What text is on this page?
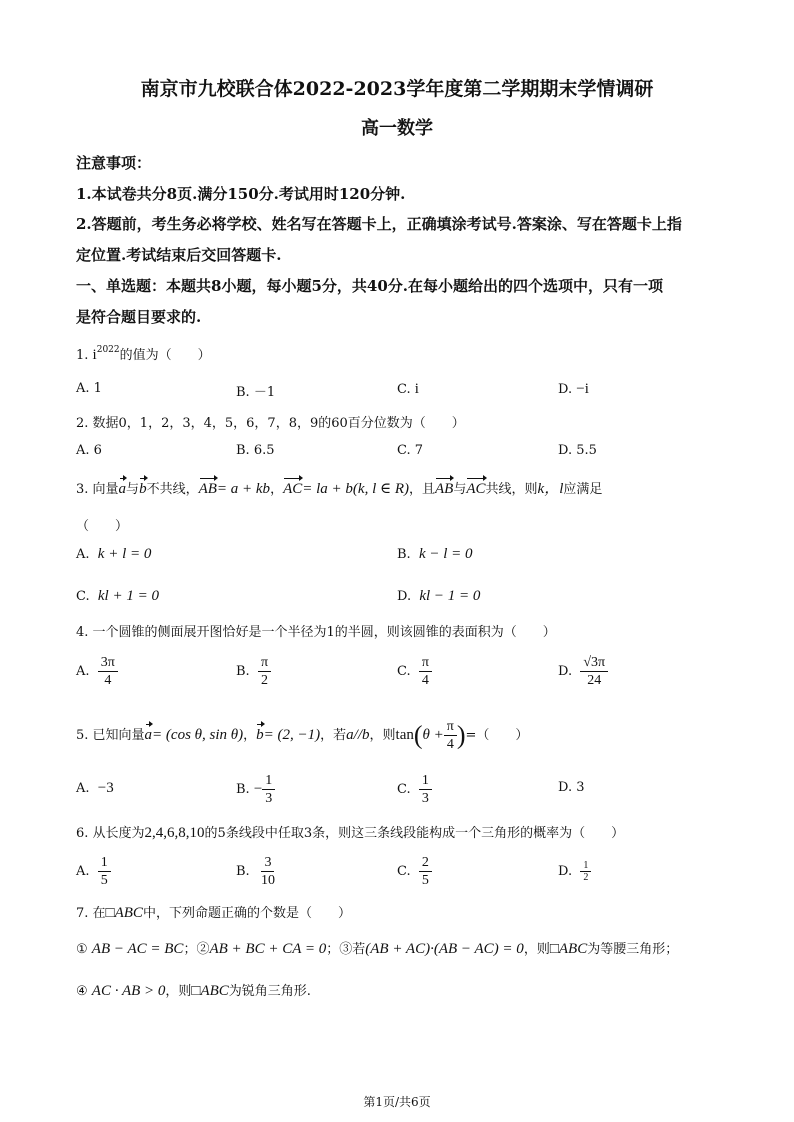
南京市九校联合体2022-2023学年度第二学期期末学情调研
高一数学
注意事项：
1.本试卷共分8页.满分150分.考试用时120分钟.
2.答题前，考生务必将学校、姓名写在答题卡上，正确填涂考试号.答案涂、写在答题卡上指
定位置.考试结束后交回答题卡.
一、单选题：本题共8小题，每小题5分，共40分.在每小题给出的四个选项中，只有一项
是符合题目要求的.
1. $i^{2022}$的值为（　　）
A. 1	B. －1	C. i	D. −i
2. 数据0，1，2，3，4，5，6，7，8，9的60百分位数为（　　）
A. 6	B. 6.5	C. 7	D. 5.5
3. 向量a与b不共线，AB= a + kb，AC= la + b(k, l ∈ R)，且AB与AC共线，则k，l应满足
（　　）
A. k + l = 0	B. k − l = 0
C. kl + 1 = 0	D. kl − 1 = 0
4. 一个圆锥的侧面展开图恰好是一个半径为1的半圆，则该圆锥的表面积为（　　）
A. $\frac{3\pi}{4}$	B. $\frac{\pi}{2}$	C. $\frac{\pi}{4}$	D. $\frac{√3\pi}{24}$
5. 已知向量a= (cos θ, sin θ)，b= (2, −1)，若a//b，则$\tan(\theta + \frac{\pi}{4}$ )=（　　）
A. −3	B. − $\frac{1}{3}$	C. $\frac{1}{3}$	D. 3
6. 从长度为2,4,6,8,10的5条线段中任取3条，则这三条线段能构成一个三角形的概率为（　　）
A. $\frac{1}{5}$	B. $\frac{3}{10}$	C. $\frac{2}{5}$	D. $\frac{1}{2}$
7. 在□ABC中，下列命题正确的个数是（　　）
① AB − AC = BC；②AB + BC + CA = 0；③若(AB + AC)·(AB − AC) = 0，则□ABC为等腰三角形；
④ AC · AB > 0，则□ABC为锐角三角形.
第1页/共6页
